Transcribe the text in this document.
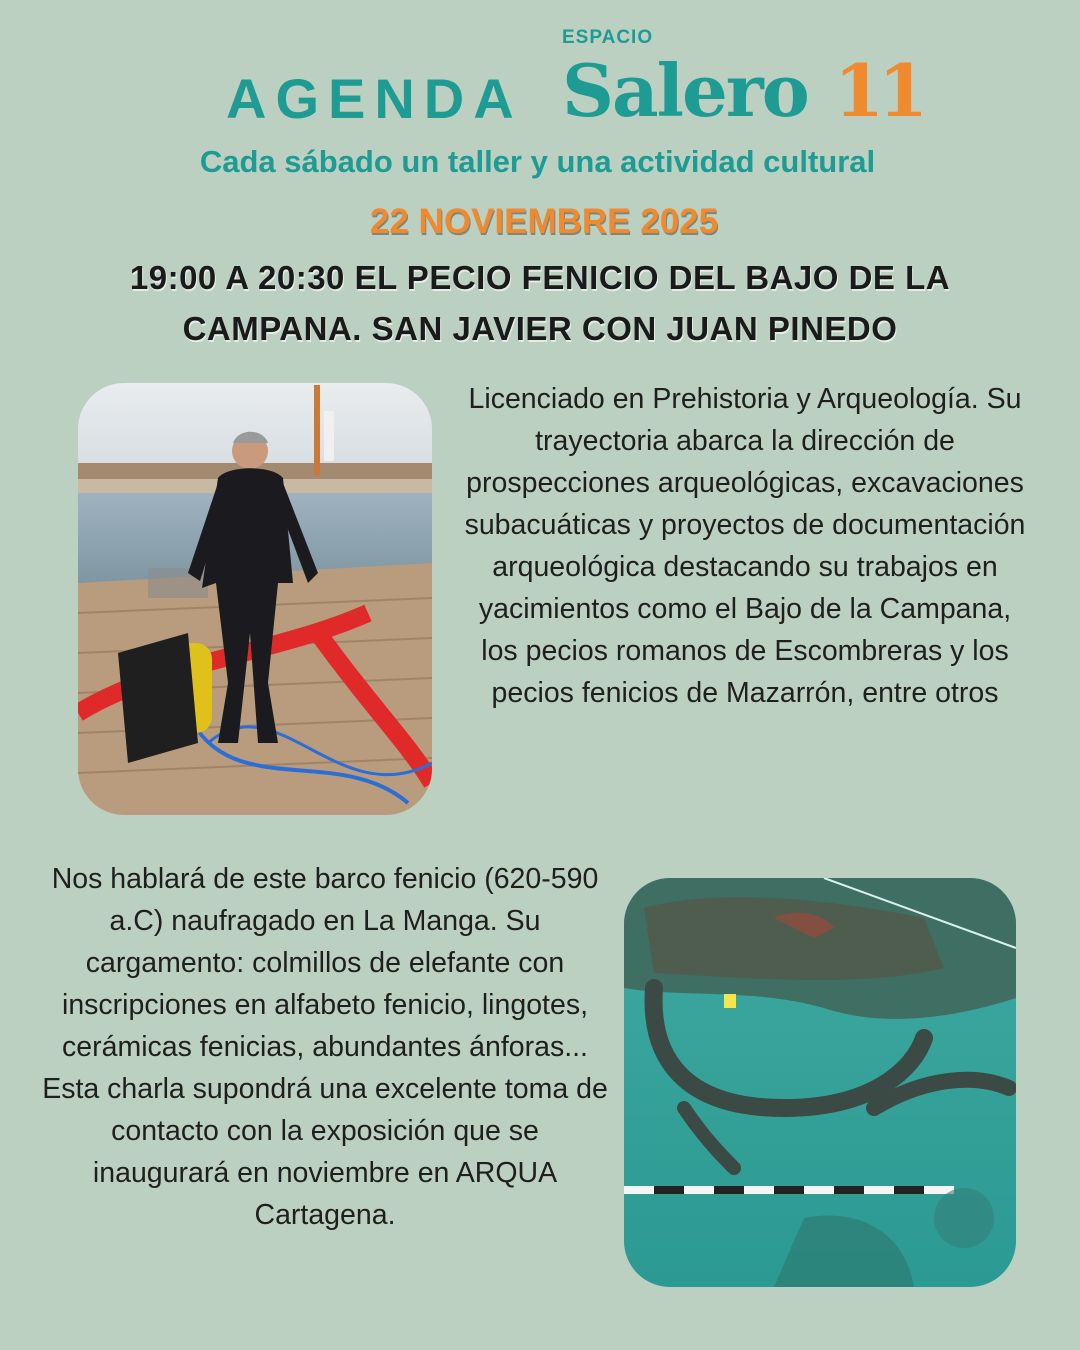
ESPACIO
AGENDA Salero 11
Cada sábado un taller y una actividad cultural
22 NOVIEMBRE 2025
19:00 A 20:30 EL PECIO FENICIO DEL BAJO DE LA CAMPANA. SAN JAVIER CON JUAN PINEDO
Licenciado en Prehistoria y Arqueología. Su trayectoria abarca la dirección de prospecciones arqueológicas, excavaciones subacuáticas y proyectos de documentación arqueológica destacando su trabajos en yacimientos como el Bajo de la Campana, los pecios romanos de Escombreras y los pecios fenicios de Mazarrón, entre otros
Nos hablará de este barco fenicio (620-590 a.C) naufragado en La Manga. Su cargamento: colmillos de elefante con inscripciones en alfabeto fenicio, lingotes, cerámicas fenicias, abundantes ánforas... Esta charla supondrá una excelente toma de contacto con la exposición que se inaugurará en noviembre en ARQUA Cartagena.
